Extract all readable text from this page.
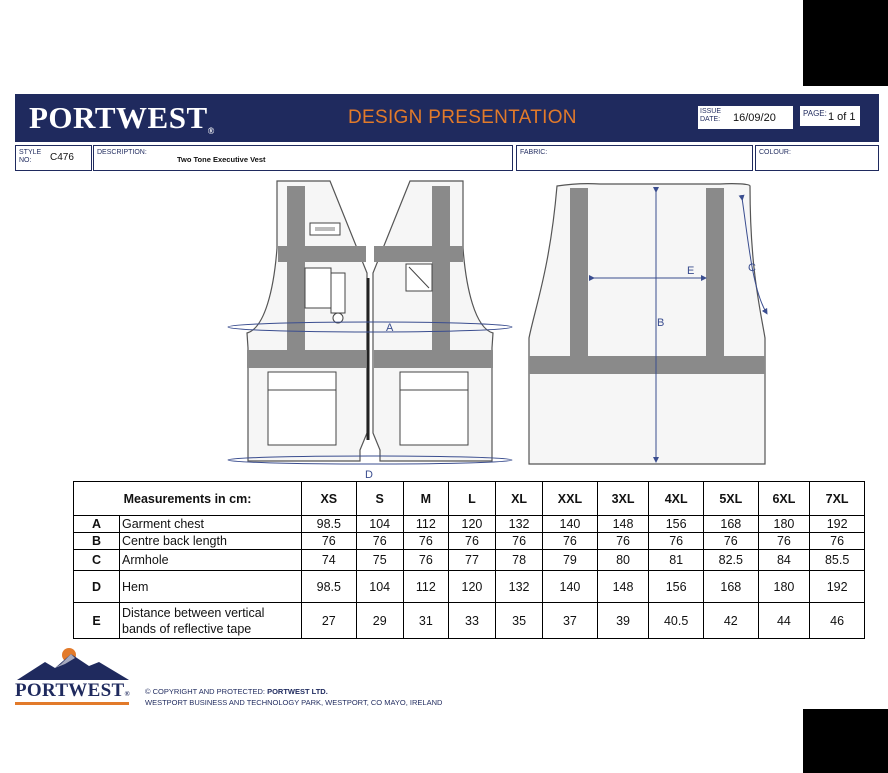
PORTWEST®
DESIGN PRESENTATION	ISSUE DATE:	16/09/20	PAGE: 1 of 1
STYLE NO:	C476	DESCRIPTION:
Two Tone Executive Vest
FABRIC:	COLOUR:
A
D
B
E	C
Measurements in cm:		XS	S	M	L	XL	XXL	3XL	4XL	5XL	6XL	7XL
A	Garment chest	98.5	104	112	120	132	140	148	156	168	180	192
B	Centre back length	76	76	76	76	76	76	76	76	76	76	76
C	Armhole	74	75	76	77	78	79	80	81	82.5	84	85.5
D	Hem	98.5	104	112	120	132	140	148	156	168	180	192
E	Distance between vertical bands of reflective tape	27	29	31	33	35	37	39	40.5	42	44	46
PORTWEST® © COPYRIGHT AND PROTECTED: PORTWEST LTD.
WESTPORT BUSINESS AND TECHNOLOGY PARK, WESTPORT, CO MAYO, IRELAND
